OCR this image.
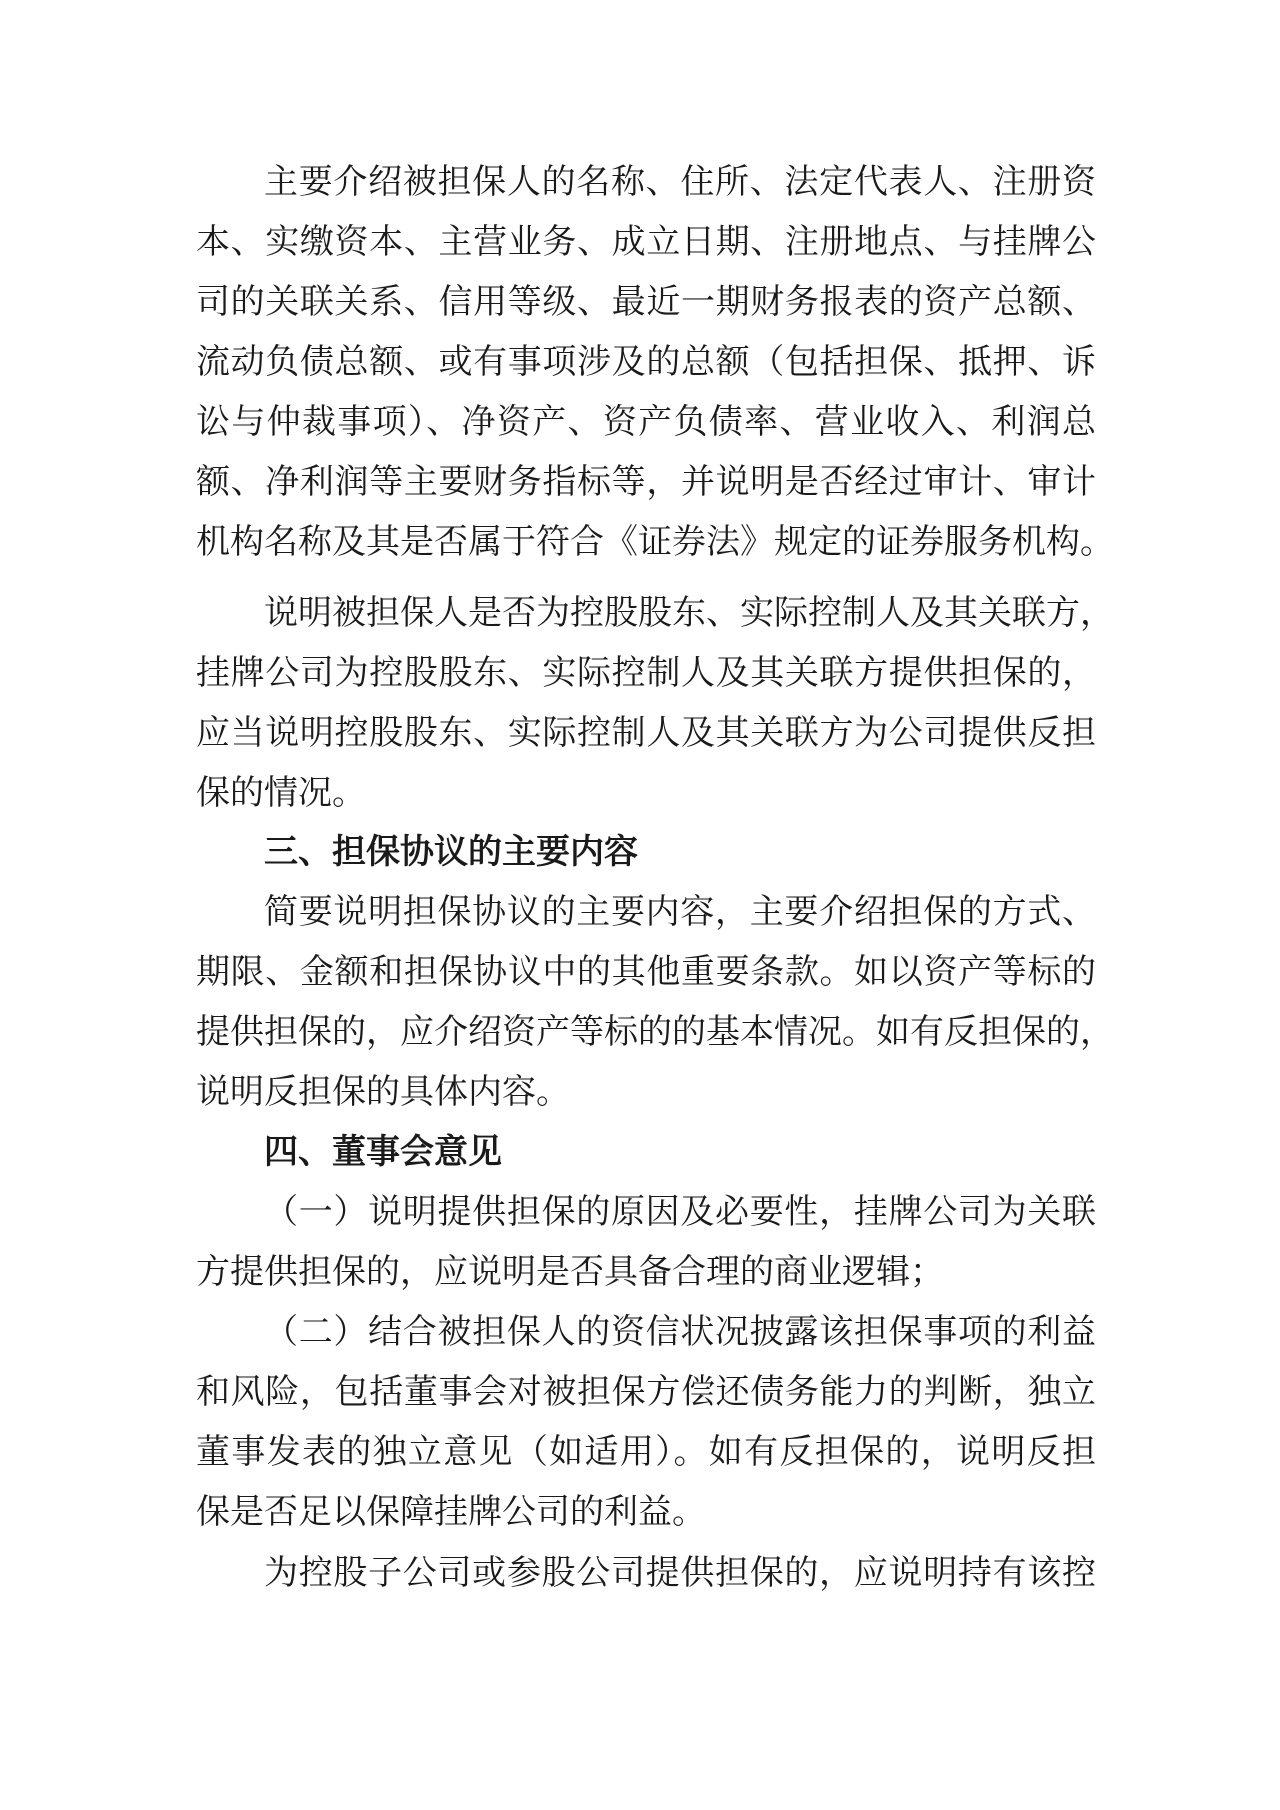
主要介绍被担保人的名称、住所、法定代表人、注册资
本、实缴资本、主营业务、成立日期、注册地点、与挂牌公
司的关联关系、信用等级、最近一期财务报表的资产总额、
流动负债总额、或有事项涉及的总额（包括担保、抵押、诉
讼与仲裁事项）、净资产、资产负债率、营业收入、利润总
额、净利润等主要财务指标等，并说明是否经过审计、审计
机构名称及其是否属于符合《证券法》规定的证券服务机构。
说明被担保人是否为控股股东、实际控制人及其关联方，
挂牌公司为控股股东、实际控制人及其关联方提供担保的，
应当说明控股股东、实际控制人及其关联方为公司提供反担
保的情况。
三、担保协议的主要内容
简要说明担保协议的主要内容，主要介绍担保的方式、
期限、金额和担保协议中的其他重要条款。如以资产等标的
提供担保的，应介绍资产等标的的基本情况。如有反担保的，
说明反担保的具体内容。
四、董事会意见
（一）说明提供担保的原因及必要性，挂牌公司为关联
方提供担保的，应说明是否具备合理的商业逻辑；
（二）结合被担保人的资信状况披露该担保事项的利益
和风险，包括董事会对被担保方偿还债务能力的判断，独立
董事发表的独立意见（如适用）。如有反担保的，说明反担
保是否足以保障挂牌公司的利益。
为控股子公司或参股公司提供担保的，应说明持有该控
